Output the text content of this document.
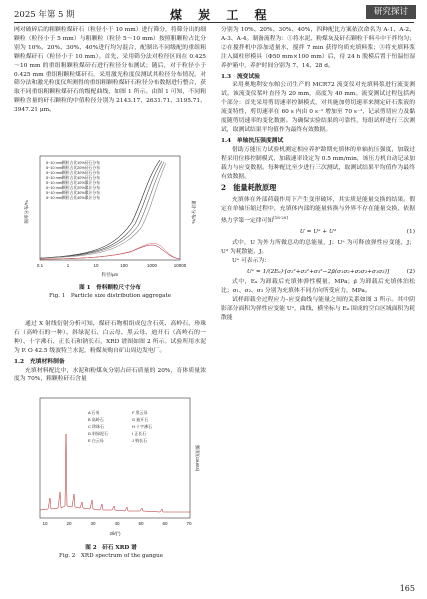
2025 年第 5 期	煤 炭 工 程	研究探讨

网对破碎后的粗颗粒煤矸石（粒径小于 10 mm）进行筛分，将筛分出的细颗粒（粒径小于 5 mm）与粗颗粒（粒径 5～10 mm）按照粗颗粒占比分别为 10%、20%、30%、40%进行均匀混合，配制出不同级配的重组粗颗粒煤矸石（粒径小于 10 mm）。首先，采用筛分法对粒径区间在 0.425～10 mm 的重组粗颗粒煤矸石进行粒径分布测试；随后，对于粒径小于 0.425 mm 重组粗颗粒煤矸石，采用激光粒度仪测试其粒径分布情况。对筛分法和激光粒度仪所测得的重组粗颗粒煤矸石粒径分布数据进行整合，获取不同重组粗颗粒煤矸石的级配曲线，如图 1 所示。由图 1 可知，不同粗颗粒含量的矸石颗粒的中值粒径分别为 2143.17、2631.71、3195.71、3947.21 μm。

0.1	1	10	100	1000	10000
粒径/μm
频率分布/%	累计分布/%
5~10 mm颗粒占比10%矸石分布
5~10 mm颗粒占比20%矸石分布
5~10 mm颗粒占比30%矸石分布
5~10 mm颗粒占比40%矸石分布
5~10 mm颗粒占比10%累计分布
5~10 mm颗粒占比20%累计分布
5~10 mm颗粒占比30%累计分布
5~10 mm颗粒占比40%累计分布
图 1　骨料颗粒尺寸分布
Fig. 1　Particle size distribution aggregate

通过 X 射线衍射分析可知，煤矸石物相组成包含石英、高岭石、珍珠石（高岭石的一种）、斜绿泥石、白云母、黑云母、迪开石（高岭石的一种）、十字沸石、正长石和钠长石，XRD 谱图如图 2 所示。试验所用水泥为 P. O 42.5 级波特兰水泥，粉煤灰购自矿山周边发电厂。

1.2　充填材料制备

充填材料配比中，水泥和粉煤灰分别占矸石质量的 20%，育体质量浓度为 70%，粗颗粒矸石含量

10	20	30	40	50	60	70
2θ/(°)
强度/(counts)
A 石英
B 高岭石
C 珍珠石
D 斜绿泥石
E 白云母
F 黑云母
G 迪开石
H 十字沸石
I 正长石
J 钠长石
图 2　矸石 XRD 谱
Fig. 2　XRD spectrum of the gangue

分别为 10%、20%、30%、40%，四种配比方案依次命名为 A-1、A-2、A-3、A-4。制备流程为：①将水泥、粉煤灰及矸石颗粒于料斗中干拌均匀；②在搅拌机中添加适量水，搅拌 7 min 获得均质充填料浆；③将充填料浆注入圆柱形模具（Φ50 mm×100 mm）后，待 24 h 脱模后置于恒温恒湿养护箱中，养护时间分别为 7、14、28 d。

1.3　流变试验

采用奥地利安东帕公司生产的 MCR72 流变仪对充填料浆进行流变测试。该流变仪桨叶直径为 20 mm，高度为 40 mm。流变测试过程包括两个部分：首先采用剪切速率控制模式，对其施加剪切速率来测定矸石浆液的流变特性，剪切速率在 60 s 内由 0 s⁻¹ 增加至 70 s⁻¹，记录剪切应力及黏度随剪切速率的变化数据。为确保实验结果的可靠性，每组试样进行三次测试，取测试结果平均值作为最终有效数据。

1.4　单轴抗压强度测试

借助万能压力试验机测定相应养护龄期充填体的单轴抗压强度，加载过程采用位移控制模式，加载速率设定为 0.5 mm/min，该压力机自动记录加载力与应变数据。每种配比至少进行三次测试，取测试结果平均值作为最终有效数据。

2　能量耗散原理

充填体在外部荷载作用下产生变形破坏，其实质是能量交换的结果。假定在单轴压缩过程中，充填体内部的能量转换与外界不存在能量交换，依据热力学第一定律可知[18-20]

U = Uᵉ + Uᵈ	(1)

式中，U 为外力所做总功的总能量，J；Uᵉ 为可释放弹性应变能，J；Uᵈ 为耗散能，J。

Uᵉ 可表示为：

Uᵉ = 1/(2Eᵤ)·[σ₁²+σ₂²+σ₃²−2μ̄(σ₁σ₂+σ₂σ₃+σ₁σ₃)]	(2)

式中，Eᵤ 为卸载后充填体弹性模量，MPa；μ̄ 为卸载后充填体泊松比；σ₁、σ₂、σ₃ 分别为充填体不同方向所受应力，MPa。

试样卸载全过程应力–应变曲线与能量之间的关系如图 3 所示。其中阴影部分面积为弹性应变能 Uᵉ，曲线、横坐标与 Eᵤ 围成的空白区域面积为耗散能

165
